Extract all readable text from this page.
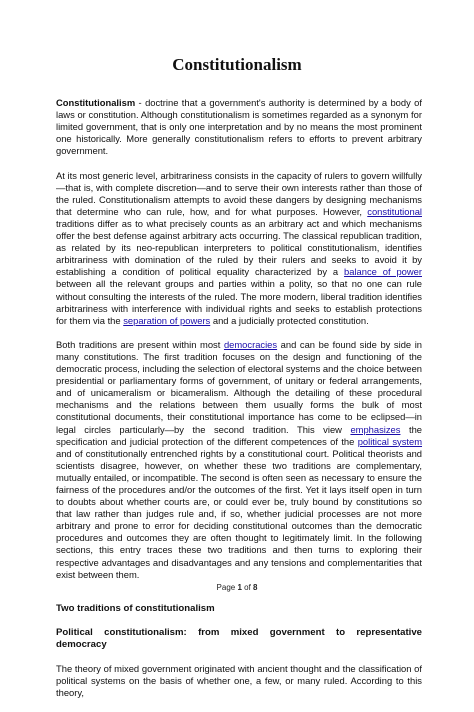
Constitutionalism

Constitutionalism - doctrine that a government's authority is determined by a body of laws or constitution. Although constitutionalism is sometimes regarded as a synonym for limited government, that is only one interpretation and by no means the most prominent one historically. More generally constitutionalism refers to efforts to prevent arbitrary government.

At its most generic level, arbitrariness consists in the capacity of rulers to govern willfully—that is, with complete discretion—and to serve their own interests rather than those of the ruled. Constitutionalism attempts to avoid these dangers by designing mechanisms that determine who can rule, how, and for what purposes. However, constitutional traditions differ as to what precisely counts as an arbitrary act and which mechanisms offer the best defense against arbitrary acts occurring. The classical republican tradition, as related by its neo-republican interpreters to political constitutionalism, identifies arbitrariness with domination of the ruled by their rulers and seeks to avoid it by establishing a condition of political equality characterized by a balance of power between all the relevant groups and parties within a polity, so that no one can rule without consulting the interests of the ruled. The more modern, liberal tradition identifies arbitrariness with interference with individual rights and seeks to establish protections for them via the separation of powers and a judicially protected constitution.

Both traditions are present within most democracies and can be found side by side in many constitutions. The first tradition focuses on the design and functioning of the democratic process, including the selection of electoral systems and the choice between presidential or parliamentary forms of government, of unitary or federal arrangements, and of unicameralism or bicameralism. Although the detailing of these procedural mechanisms and the relations between them usually forms the bulk of most constitutional documents, their constitutional importance has come to be eclipsed—in legal circles particularly—by the second tradition. This view emphasizes the specification and judicial protection of the different competences of the political system and of constitutionally entrenched rights by a constitutional court. Political theorists and scientists disagree, however, on whether these two traditions are complementary, mutually entailed, or incompatible. The second is often seen as necessary to ensure the fairness of the procedures and/or the outcomes of the first. Yet it lays itself open in turn to doubts about whether courts are, or could ever be, truly bound by constitutions so that law rather than judges rule and, if so, whether judicial processes are not more arbitrary and prone to error for deciding constitutional outcomes than the democratic procedures and outcomes they are often thought to legitimately limit. In the following sections, this entry traces these two traditions and then turns to exploring their respective advantages and disadvantages and any tensions and complementarities that exist between them.

Two traditions of constitutionalism

Political constitutionalism: from mixed government to representative democracy

The theory of mixed government originated with ancient thought and the classification of political systems on the basis of whether one, a few, or many ruled. According to this theory,

Page 1 of 8
